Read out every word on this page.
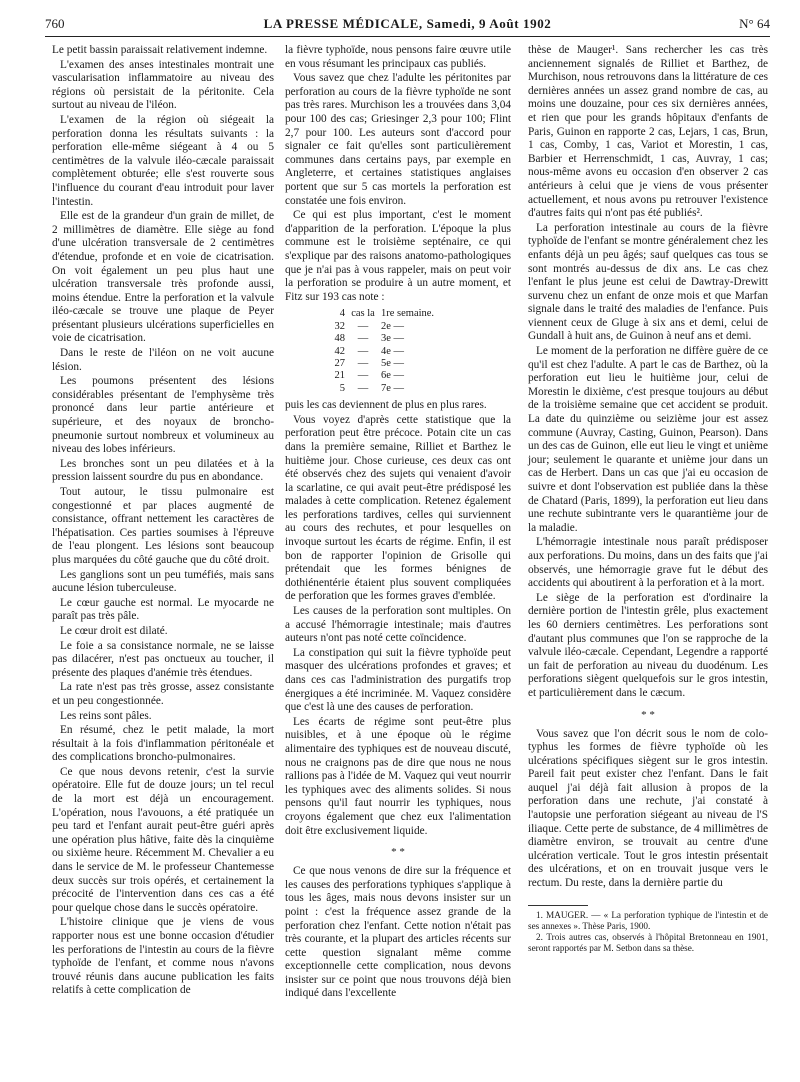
760	LA PRESSE MÉDICALE, Samedi, 9 Août 1902	N° 64

Le petit bassin paraissait relativement indemne.

L'examen des anses intestinales montrait une vascularisation inflammatoire au niveau des régions où persistait de la péritonite. Cela surtout au niveau de l'iléon.

L'examen de la région où siégeait la perforation donna les résultats suivants : la perforation elle-même siégeant à 4 ou 5 centimètres de la valvule iléo-cæcale paraissait complètement obturée; elle s'est rouverte sous l'influence du courant d'eau introduit pour laver l'intestin.

Elle est de la grandeur d'un grain de millet, de 2 millimètres de diamètre. Elle siège au fond d'une ulcération transversale de 2 centimètres d'étendue, profonde et en voie de cicatrisation. On voit également un peu plus haut une ulcération transversale très profonde aussi, moins étendue. Entre la perforation et la valvule iléo-cæcale se trouve une plaque de Peyer présentant plusieurs ulcérations superficielles en voie de cicatrisation.

Dans le reste de l'iléon on ne voit aucune lésion.

Les poumons présentent des lésions considérables présentant de l'emphysème très prononcé dans leur partie antérieure et supérieure, et des noyaux de broncho-pneumonie surtout nombreux et volumineux au niveau des lobes inférieurs.

Les bronches sont un peu dilatées et à la pression laissent sourdre du pus en abondance.

Tout autour, le tissu pulmonaire est congestionné et par places augmenté de consistance, offrant nettement les caractères de l'hépatisation. Ces parties soumises à l'épreuve de l'eau plongent. Les lésions sont beaucoup plus marquées du côté gauche que du côté droit.

Les ganglions sont un peu tuméfiés, mais sans aucune lésion tuberculeuse.

Le cœur gauche est normal. Le myocarde ne paraît pas très pâle.

Le cœur droit est dilaté.

Le foie a sa consistance normale, ne se laisse pas dilacérer, n'est pas onctueux au toucher, il présente des plaques d'anémie très étendues.

La rate n'est pas très grosse, assez consistante et un peu congestionnée.

Les reins sont pâles.

En résumé, chez le petit malade, la mort résultait à la fois d'inflammation péritonéale et des complications broncho-pulmonaires.

Ce que nous devons retenir, c'est la survie opératoire. Elle fut de douze jours; un tel recul de la mort est déjà un encouragement. L'opération, nous l'avouons, a été pratiquée un peu tard et l'enfant aurait peut-être guéri après une opération plus hâtive, faite dès la cinquième ou sixième heure. Récemment M. Chevalier a eu dans le service de M. le professeur Chantemesse deux succès sur trois opérés, et certainement la précocité de l'intervention dans ces cas a été pour quelque chose dans le succès opératoire.

L'histoire clinique que je viens de vous rapporter nous est une bonne occasion d'étudier les perforations de l'intestin au cours de la fièvre typhoïde de l'enfant, et comme nous n'avons trouvé réunis dans aucune publication les faits relatifs à cette complication de

la fièvre typhoïde, nous pensons faire œuvre utile en vous résumant les principaux cas publiés.

Vous savez que chez l'adulte les péritonites par perforation au cours de la fièvre typhoïde ne sont pas très rares. Murchison les a trouvées dans 3,04 pour 100 des cas; Griesinger 2,3 pour 100; Flint 2,7 pour 100. Les auteurs sont d'accord pour signaler ce fait qu'elles sont particulièrement communes dans certains pays, par exemple en Angleterre, et certaines statistiques anglaises portent que sur 5 cas mortels la perforation est constatée une fois environ.

Ce qui est plus important, c'est le moment d'apparition de la perforation. L'époque la plus commune est le troisième septénaire, ce qui s'explique par des raisons anatomo-pathologiques que je n'ai pas à vous rappeler, mais on peut voir la perforation se produire à un autre moment, et Fitz sur 193 cas note :

4 cas la 1re semaine.
32	—	2e —
48	—	3e —
42	—	4e —
27	—	5e —
21	—	6e —
5	—	7e —

puis les cas deviennent de plus en plus rares.

Vous voyez d'après cette statistique que la perforation peut être précoce. Potain cite un cas dans la première semaine, Rilliet et Barthez le huitième jour. Chose curieuse, ces deux cas ont été observés chez des sujets qui venaient d'avoir la scarlatine, ce qui avait peut-être prédisposé les malades à cette complication. Retenez également les perforations tardives, celles qui surviennent au cours des rechutes, et pour lesquelles on invoque surtout les écarts de régime. Enfin, il est bon de rapporter l'opinion de Grisolle qui prétendait que les formes bénignes de dothiénentérie étaient plus souvent compliquées de perforation que les formes graves d'emblée.

Les causes de la perforation sont multiples. On a accusé l'hémorragie intestinale; mais d'autres auteurs n'ont pas noté cette coïncidence.

La constipation qui suit la fièvre typhoïde peut masquer des ulcérations profondes et graves; et dans ces cas l'administration des purgatifs trop énergiques a été incriminée. M. Vaquez considère que c'est là une des causes de perforation.

Les écarts de régime sont peut-être plus nuisibles, et à une époque où le régime alimentaire des typhiques est de nouveau discuté, nous ne craignons pas de dire que nous ne nous rallions pas à l'idée de M. Vaquez qui veut nourrir les typhiques avec des aliments solides. Si nous pensons qu'il faut nourrir les typhiques, nous croyons également que chez eux l'alimentation doit être exclusivement liquide.

* *

Ce que nous venons de dire sur la fréquence et les causes des perforations typhiques s'applique à tous les âges, mais nous devons insister sur un point : c'est la fréquence assez grande de la perforation chez l'enfant. Cette notion n'était pas très courante, et la plupart des articles récents sur cette question signalant même comme exceptionnelle cette complication, nous devons insister sur ce point que nous trouvons déjà bien indiqué dans l'excellente

thèse de Mauger¹. Sans rechercher les cas très anciennement signalés de Rilliet et Barthez, de Murchison, nous retrouvons dans la littérature de ces dernières années un assez grand nombre de cas, au moins une douzaine, pour ces six dernières années, et rien que pour les grands hôpitaux d'enfants de Paris, Guinon en rapporte 2 cas, Lejars, 1 cas, Brun, 1 cas, Comby, 1 cas, Variot et Morestin, 1 cas, Barbier et Herrenschmidt, 1 cas, Auvray, 1 cas; nous-même avons eu occasion d'en observer 2 cas antérieurs à celui que je viens de vous présenter actuellement, et nous avons pu retrouver l'existence d'autres faits qui n'ont pas été publiés².

La perforation intestinale au cours de la fièvre typhoïde de l'enfant se montre généralement chez les enfants déjà un peu âgés; sauf quelques cas tous se sont montrés au-dessus de dix ans. Le cas chez l'enfant le plus jeune est celui de Dawtray-Drewitt survenu chez un enfant de onze mois et que Marfan signale dans le traité des maladies de l'enfance. Puis viennent ceux de Gluge à six ans et demi, celui de Gundall à huit ans, de Guinon à neuf ans et demi.

Le moment de la perforation ne diffère guère de ce qu'il est chez l'adulte. A part le cas de Barthez, où la perforation eut lieu le huitième jour, celui de Morestin le dixième, c'est presque toujours au début de la troisième semaine que cet accident se produit. La date du quinzième ou seizième jour est assez commune (Auvray, Casting, Guinon, Pearson). Dans un des cas de Guinon, elle eut lieu le vingt et unième jour; seulement le quarante et unième jour dans un cas de Herbert. Dans un cas que j'ai eu occasion de suivre et dont l'observation est publiée dans la thèse de Chatard (Paris, 1899), la perforation eut lieu dans une rechute subintrante vers le quarantième jour de la maladie.

L'hémorragie intestinale nous paraît prédisposer aux perforations. Du moins, dans un des faits que j'ai observés, une hémorragie grave fut le début des accidents qui aboutirent à la perforation et à la mort.

Le siège de la perforation est d'ordinaire la dernière portion de l'intestin grêle, plus exactement les 60 derniers centimètres. Les perforations sont d'autant plus communes que l'on se rapproche de la valvule iléo-cæcale. Cependant, Legendre a rapporté un fait de perforation au niveau du duodénum. Les perforations siègent quelquefois sur le gros intestin, et particulièrement dans le cæcum.

* *

Vous savez que l'on décrit sous le nom de colo-typhus les formes de fièvre typhoïde où les ulcérations spécifiques siègent sur le gros intestin. Pareil fait peut exister chez l'enfant. Dans le fait auquel j'ai déjà fait allusion à propos de la perforation dans une rechute, j'ai constaté à l'autopsie une perforation siégeant au niveau de l'S iliaque. Cette perte de substance, de 4 millimètres de diamètre environ, se trouvait au centre d'une ulcération verticale. Tout le gros intestin présentait des ulcérations, et on en trouvait jusque vers le rectum. Du reste, dans la dernière partie du

1. MAUGER. — « La perforation typhique de l'intestin et de ses annexes ». Thèse Paris, 1900.

2. Trois autres cas, observés à l'hôpital Bretonneau en 1901, seront rapportés par M. Setbon dans sa thèse.
